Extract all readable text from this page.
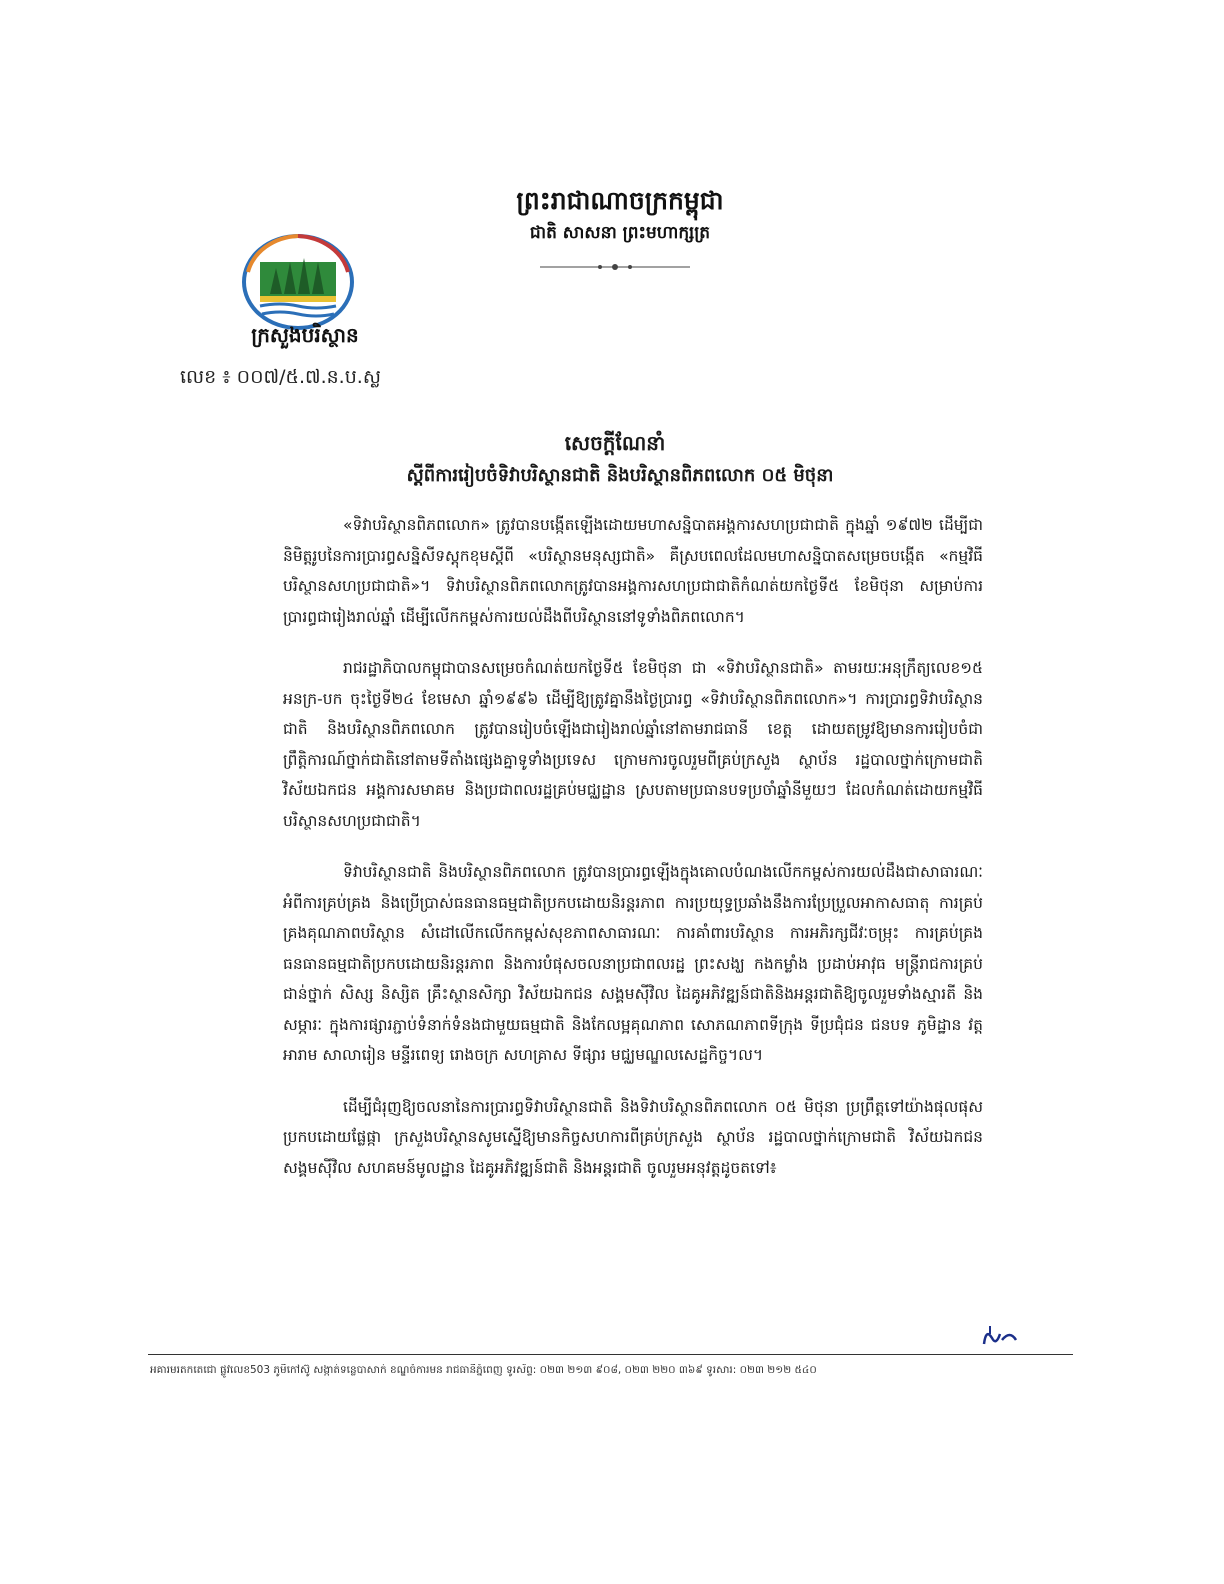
ព្រះរាជាណាចក្រកម្ពុជា
ជាតិ សាសនា ព្រះមហាក្សត្រ
ក្រសួងបរិស្ថាន
លេខ ៖ ០០៧/៥.៧.ន.ប.ស្ល
សេចក្តីណែនាំ
ស្តីពីការរៀបចំទិវាបរិស្ថានជាតិ និងបរិស្ថានពិភពលោក ០៥ មិថុនា

«ទិវាបរិស្ថានពិភពលោក» ត្រូវបានបង្កើតឡើងដោយមហាសន្និបាតអង្គការសហប្រជាជាតិ ក្នុងឆ្នាំ ១៩៧២ ដើម្បីជានិមិត្តរូបនៃការប្រារព្ធសន្និសីទស្តុកខុមស្តីពី «បរិស្ថានមនុស្សជាតិ» គឺស្របពេលដែលមហាសន្និបាតសម្រេចបង្កើត «កម្មវិធីបរិស្ថានសហប្រជាជាតិ»។ ទិវាបរិស្ថានពិភពលោកត្រូវបានអង្គការសហប្រជាជាតិកំណត់យកថ្ងៃទី៥ ខែមិថុនា សម្រាប់ការប្រារព្ធជារៀងរាល់ឆ្នាំ ដើម្បីលើកកម្ពស់ការយល់ដឹងពីបរិស្ថាននៅទូទាំងពិភពលោក។

រាជរដ្ឋាភិបាលកម្ពុជាបានសម្រេចកំណត់យកថ្ងៃទី៥ ខែមិថុនា ជា «ទិវាបរិស្ថានជាតិ» តាមរយៈអនុក្រឹត្យលេខ១៥ អនក្រ-បក ចុះថ្ងៃទី២៤ ខែមេសា ឆ្នាំ១៩៩៦ ដើម្បីឱ្យត្រូវគ្នានឹងថ្ងៃប្រារព្ធ «ទិវាបរិស្ថានពិភពលោក»។ ការប្រារព្ធទិវាបរិស្ថានជាតិ និងបរិស្ថានពិភពលោក ត្រូវបានរៀបចំឡើងជារៀងរាល់ឆ្នាំនៅតាមរាជធានី ខេត្ត ដោយតម្រូវឱ្យមានការរៀបចំជាព្រឹត្តិការណ៍ថ្នាក់ជាតិនៅតាមទីតាំងផ្សេងគ្នាទូទាំងប្រទេស ក្រោមការចូលរួមពីគ្រប់ក្រសួង ស្ថាប័ន រដ្ឋបាលថ្នាក់ក្រោមជាតិ វិស័យឯកជន អង្គការសមាគម និងប្រជាពលរដ្ឋគ្រប់មជ្ឈដ្ឋាន ស្របតាមប្រធានបទប្រចាំឆ្នាំនីមួយៗ ដែលកំណត់ដោយកម្មវិធីបរិស្ថានសហប្រជាជាតិ។

ទិវាបរិស្ថានជាតិ និងបរិស្ថានពិភពលោក ត្រូវបានប្រារព្ធឡើងក្នុងគោលបំណងលើកកម្ពស់ការយល់ដឹងជាសាធារណៈអំពីការគ្រប់គ្រង និងប្រើប្រាស់ធនធានធម្មជាតិប្រកបដោយនិរន្តរភាព ការប្រយុទ្ធប្រឆាំងនឹងការប្រែប្រួលអាកាសធាតុ ការគ្រប់គ្រងគុណភាពបរិស្ថាន សំដៅលើកលើកកម្ពស់សុខភាពសាធារណៈ ការគាំពារបរិស្ថាន ការអភិរក្សជីវៈចម្រុះ ការគ្រប់គ្រងធនធានធម្មជាតិប្រកបដោយនិរន្តរភាព និងការបំផុសចលនាប្រជាពលរដ្ឋ ព្រះសង្ឃ កងកម្លាំង ប្រដាប់អាវុធ មន្ត្រីរាជការគ្រប់ជាន់ថ្នាក់ សិស្ស និស្សិត គ្រឹះស្ថានសិក្សា វិស័យឯកជន សង្គមស៊ីវិល ដៃគូអភិវឌ្ឍន៍ជាតិនិងអន្តរជាតិឱ្យចូលរួមទាំងស្មារតី និងសម្ភារៈ ក្នុងការផ្សារភ្ជាប់ទំនាក់ទំនងជាមួយធម្មជាតិ និងកែលម្អគុណភាព សោភណភាពទីក្រុង ទីប្រជុំជន ជនបទ ភូមិដ្ឋាន វត្តអារាម សាលារៀន មន្ទីរពេទ្យ រោងចក្រ សហគ្រាស ទីផ្សារ មជ្ឈមណ្ឌលសេដ្ឋកិច្ច។ល។

ដើម្បីជំរុញឱ្យចលនានៃការប្រារព្ធទិវាបរិស្ថានជាតិ និងទិវាបរិស្ថានពិភពលោក ០៥ មិថុនា ប្រព្រឹត្តទៅយ៉ាងផុលផុស ប្រកបដោយផ្លែផ្កា ក្រសួងបរិស្ថានសូមស្នើឱ្យមានកិច្ចសហការពីគ្រប់ក្រសួង ស្ថាប័ន រដ្ឋបាលថ្នាក់ក្រោមជាតិ វិស័យឯកជន សង្គមស៊ីវិល សហគមន៍មូលដ្ឋាន ដៃគូអភិវឌ្ឍន៍ជាតិ និងអន្តរជាតិ ចូលរួមអនុវត្តដូចតទៅ៖

អគារមរតកតេជោ ផ្លូវលេខ503 ភូមិកៅស៊ូ សង្កាត់ទន្លេបាសាក់ ខណ្ឌចំការមន រាជធានីភ្នំពេញ ទូរស័ព្ទ: ០២៣ ២១៣ ៩០៨, ០២៣ ២២០ ៣៦៩ ទូរសារ: ០២៣ ២១២ ៥៤០
